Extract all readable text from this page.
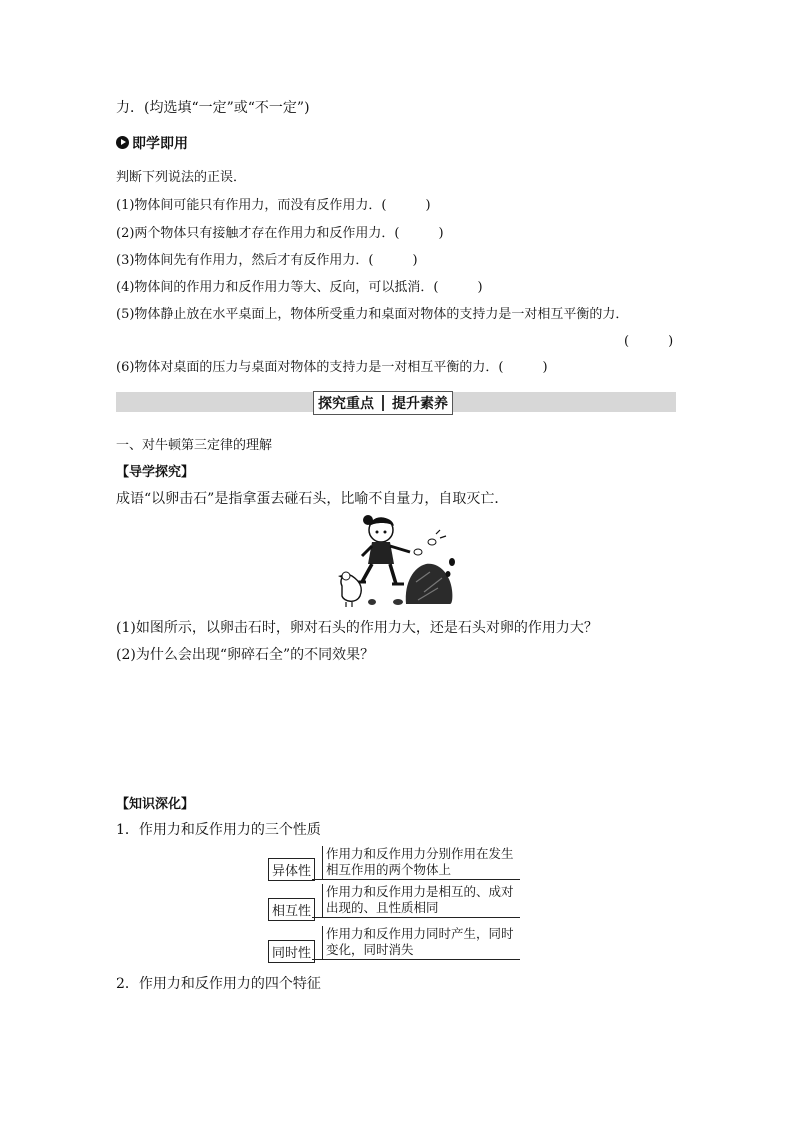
力．(均选填“一定”或“不一定”)
即学即用
判断下列说法的正误．
(1)物体间可能只有作用力，而没有反作用力．(　　　)
(2)两个物体只有接触才存在作用力和反作用力．(　　　)
(3)物体间先有作用力，然后才有反作用力．(　　　)
(4)物体间的作用力和反作用力等大、反向，可以抵消．(　　　)
(5)物体静止放在水平桌面上，物体所受重力和桌面对物体的支持力是一对相互平衡的力．
(　　　)
(6)物体对桌面的压力与桌面对物体的支持力是一对相互平衡的力．(　　　)
探究重点 提升素养
一、对牛顿第三定律的理解
【导学探究】
成语“以卵击石”是指拿蛋去碰石头，比喻不自量力，自取灭亡．
(1)如图所示，以卵击石时，卵对石头的作用力大，还是石头对卵的作用力大？
(2)为什么会出现“卵碎石全”的不同效果？
【知识深化】
1．作用力和反作用力的三个性质
异体性
作用力和反作用力分别作用在发生
相互作用的两个物体上
相互性
作用力和反作用力是相互的、成对
出现的、且性质相同
同时性
作用力和反作用力同时产生，同时
变化，同时消失
2．作用力和反作用力的四个特征
